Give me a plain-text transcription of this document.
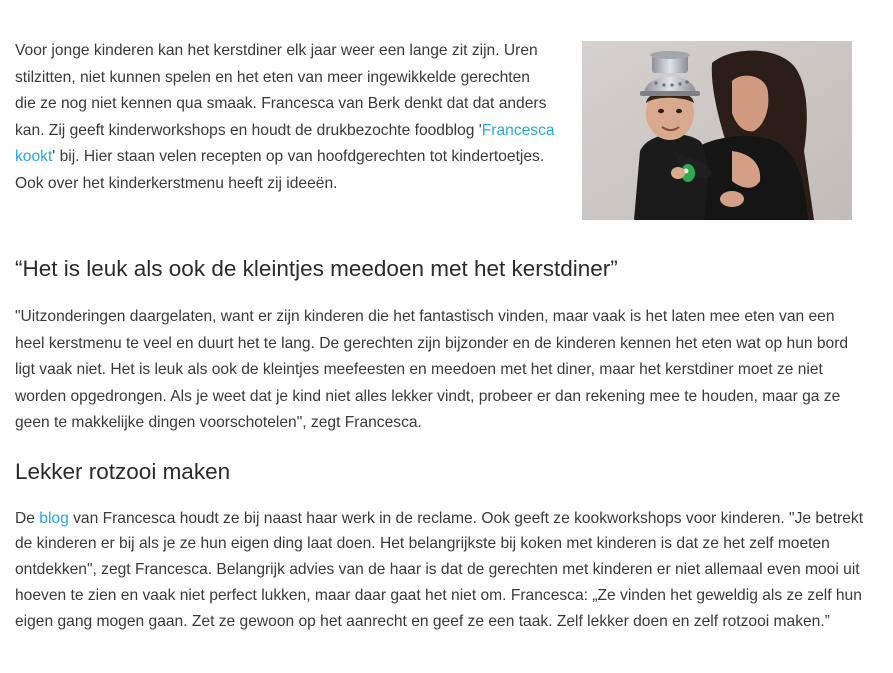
Voor jonge kinderen kan het kerstdiner elk jaar weer een lange zit zijn. Uren stilzitten, niet kunnen spelen en het eten van meer ingewikkelde gerechten die ze nog niet kennen qua smaak. Francesca van Berk denkt dat dat anders kan. Zij geeft kinderworkshops en houdt de drukbezochte foodblog 'Francesca kookt' bij. Hier staan velen recepten op van hoofdgerechten tot kindertoetjes. Ook over het kinderkerstmenu heeft zij ideeën.

“Het is leuk als ook de kleintjes meedoen met het kerstdiner”

"Uitzonderingen daargelaten, want er zijn kinderen die het fantastisch vinden, maar vaak is het laten mee eten van een heel kerstmenu te veel en duurt het te lang. De gerechten zijn bijzonder en de kinderen kennen het eten wat op hun bord ligt vaak niet. Het is leuk als ook de kleintjes meefeesten en meedoen met het diner, maar het kerstdiner moet ze niet worden opgedrongen. Als je weet dat je kind niet alles lekker vindt, probeer er dan rekening mee te houden, maar ga ze geen te makkelijke dingen voorschotelen", zegt Francesca.

Lekker rotzooi maken

De blog van Francesca houdt ze bij naast haar werk in de reclame. Ook geeft ze kookworkshops voor kinderen. "Je betrekt de kinderen er bij als je ze hun eigen ding laat doen. Het belangrijkste bij koken met kinderen is dat ze het zelf moeten ontdekken", zegt Francesca. Belangrijk advies van de haar is dat de gerechten met kinderen er niet allemaal even mooi uit hoeven te zien en vaak niet perfect lukken, maar daar gaat het niet om. Francesca: „Ze vinden het geweldig als ze zelf hun eigen gang mogen gaan. Zet ze gewoon op het aanrecht en geef ze een taak. Zelf lekker doen en zelf rotzooi maken.”
